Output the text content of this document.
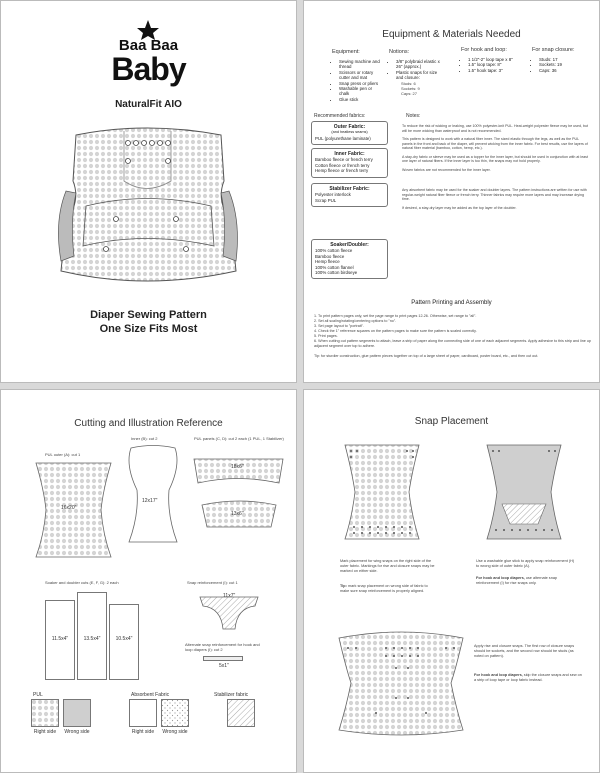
Baa Baa
Baby
NaturalFit AIO
Diaper Sewing Pattern
One Size Fits Most
Equipment & Materials Needed
Equipment:
• Sewing machine and thread
• Scissors or rotary cutter and mat
• Snap press or pliers
• Washable pen or chalk
• Glue stick
Notions:
• 3/8" polybraid elastic x 26" (approx.)
• Plastic snaps for size and closure:
Studs: 6
Sockets: 9
Caps: 27
For hook and loop:
• 1 1/2"-2" loop tape x 8"
• 1.5" loop tape: 8"
• 1.5" hook tape: 3"
For snap closure:
• Studs: 17
• Sockets: 19
• Caps: 36
Recommended fabrics:	Notes:
Outer Fabric:
(and heatless seams)
PUL (polyurethane laminate)
Inner Fabric:
Bamboo fleece or french terry
Cotton fleece or french terry
Hemp fleece or french terry
Stabilizer Fabric:
Polyester interlock
Scrap PUL
Soaker/Doubler:
100% cotton fleece
Bamboo fleece
Hemp fleece
100% cotton flannel
100% cotton birdseye

To reduce the risk of wicking or leaking, use 100% polyester-knit PUL. Heat-weight polyester fleece may be used, but will be more wicking than waterproof and is not recommended.

This pattern is designed to work with a natural fiber inner. The sized elastic through the legs, as well as the PUL panels in the front and back of the diaper, will prevent wicking from the inner fabric. For best results, use the layers of natural fiber material (bamboo, cotton, hemp, etc.).

A stay-dry fabric or sleeve may be used as a topper for the inner layer, but should be used in conjunction with at least one layer of natural fibers. If the inner layer is too thin, the snaps may not hold properly.

Woven fabrics are not recommended for the inner layer.

Any absorbent fabric may be used for the soaker and doubler layers. The pattern instructions are written for use with regular-weight natural fiber fleece or french terry. Thinner fabrics may require more layers and may increase drying time.

If desired, a stay-dry layer may be added as the top layer of the doubler.

Pattern Printing and Assembly
1. To print pattern pages only, set the page range to print pages 12-26. Otherwise, set range to "all".
2. Set all scaling/rotating/centering options to "no".
3. Set page layout to "portrait".
4. Check the 1" reference squares on the pattern pages to make sure the pattern is scaled correctly.
5. Print pages.
6. When cutting out pattern segments to attach, leave a strip of paper along the connecting side of one of each adjacent segments. Apply adhesive to this strip and line up adjacent segment over top to adhere.
Tip: for sturdier construction, glue pattern pieces together on top of a large sheet of paper, cardboard, poster board, etc., and then cut out.
Cutting and Illustration Reference
PUL outer (A): cut 1
16x20"
Inner (B): cut 2
12x17"
PUL panels (C, D): cut 2 each (1 PUL, 1 Stabilizer)
18x6"
13x6"
Soaker and doubler cuts (E, F, G): 2 each
11.5x4"	13.5x4"	10.5x4"
Snap reinforcement (I): cut 1
11x7"
Alternate snap reinforcement for hook and loop diapers (I): cut 2
5x1"
PUL
Right side	Wrong side
Absorbent Fabric
Right side	Wrong side
Stabilizer fabric
Snap Placement
Mark placement for wing snaps on the right side of the outer fabric. Markings for rise and closure snaps may be marked on either side.
Tip: mark snap placement on wrong side of fabric to make sure snap reinforcement is properly aligned.
Use a washable glue stick to apply snap reinforcement (H) to wrong side of outer fabric (A).
For hook and loop diapers, use alternate snap reinforcement (I) for rise snaps only.
Apply rise and closure snaps. The first row of closure snaps should be sockets, and the second row should be studs (as noted on pattern).
For hook and loop diapers, skip the closure snaps and sew on a strip of loop tape or loop fabric instead.
